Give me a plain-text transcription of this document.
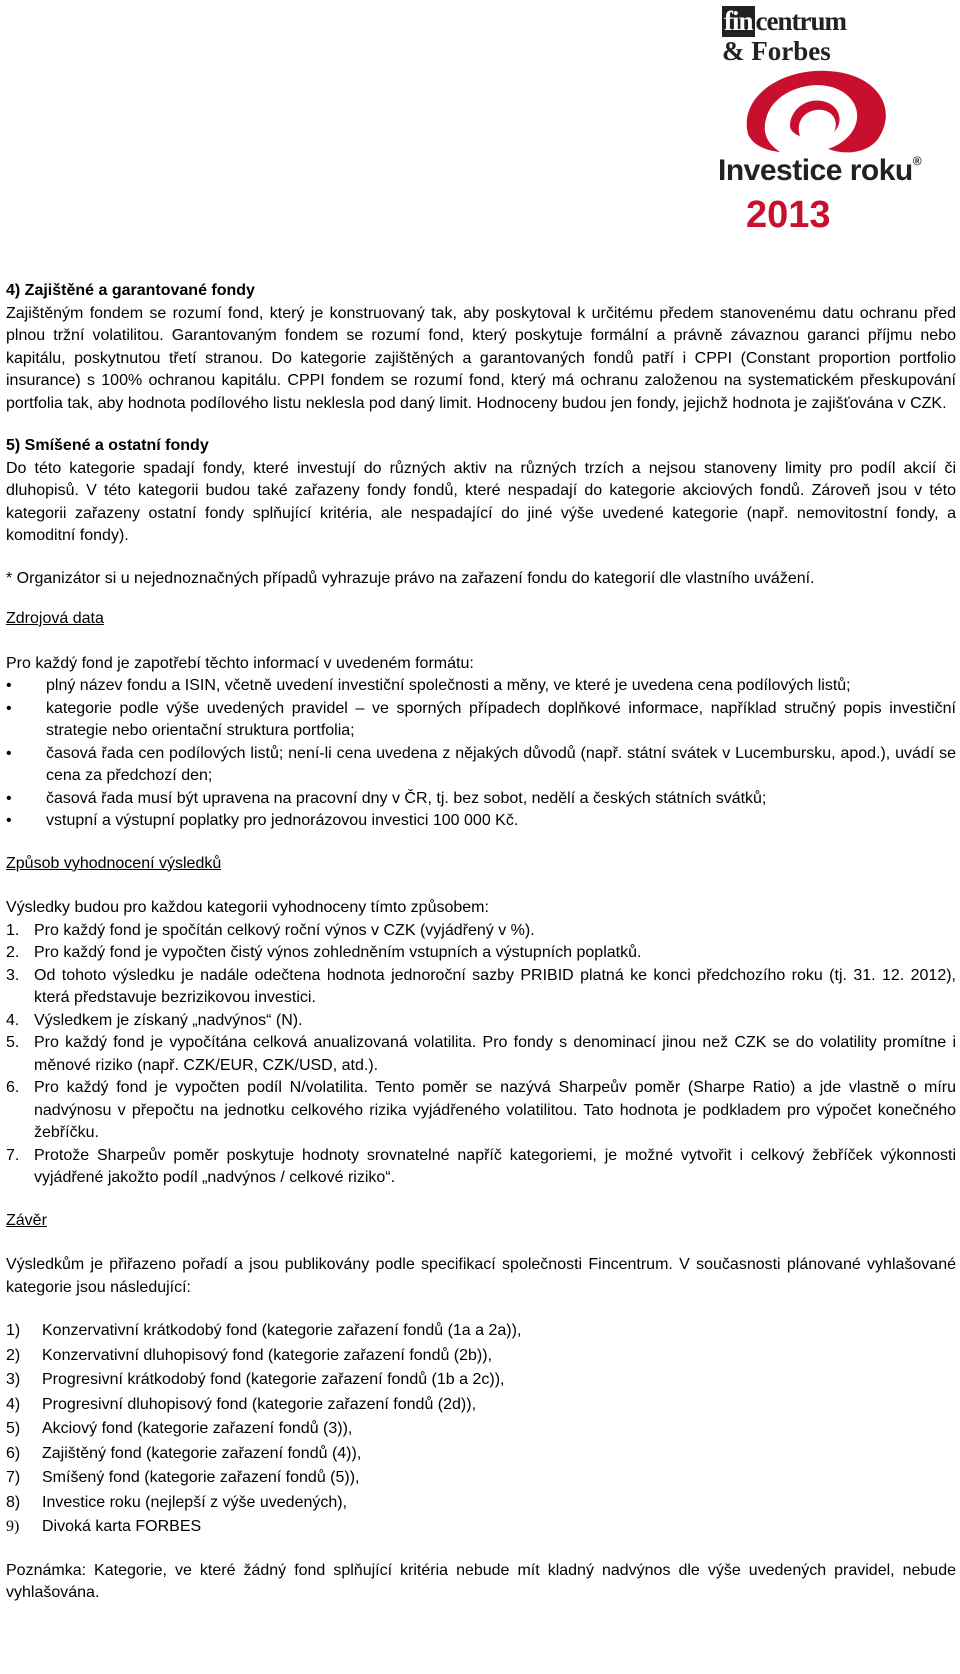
fin centrum
& Forbes
Investice roku®
2013

4) Zajištěné a garantované fondy

Zajištěným fondem se rozumí fond, který je konstruovaný tak, aby poskytoval k určitému předem stanovenému datu ochranu před plnou tržní volatilitou. Garantovaným fondem se rozumí fond, který poskytuje formální a právně závaznou garanci příjmu nebo kapitálu, poskytnutou třetí stranou. Do kategorie zajištěných a garantovaných fondů patří i CPPI (Constant proportion portfolio insurance) s 100% ochranou kapitálu. CPPI fondem se rozumí fond, který má ochranu založenou na systematickém přeskupování portfolia tak, aby hodnota podílového listu neklesla pod daný limit. Hodnoceny budou jen fondy, jejichž hodnota je zajišťována v CZK.

5) Smíšené a ostatní fondy

Do této kategorie spadají fondy, které investují do různých aktiv na různých trzích a nejsou stanoveny limity pro podíl akcií či dluhopisů. V této kategorii budou také zařazeny fondy fondů, které nespadají do kategorie akciových fondů. Zároveň jsou v této kategorii zařazeny ostatní fondy splňující kritéria, ale nespadající do jiné výše uvedené kategorie (např. nemovitostní fondy, a komoditní fondy).

* Organizátor si u nejednoznačných případů vyhrazuje právo na zařazení fondu do kategorií dle vlastního uvážení.

Zdrojová data

Pro každý fond je zapotřebí těchto informací v uvedeném formátu:

• plný název fondu a ISIN, včetně uvedení investiční společnosti a měny, ve které je uvedena cena podílových listů;
• kategorie podle výše uvedených pravidel – ve sporných případech doplňkové informace, například stručný popis investiční strategie nebo orientační struktura portfolia;
• časová řada cen podílových listů; není-li cena uvedena z nějakých důvodů (např. státní svátek v Lucembursku, apod.), uvádí se cena za předchozí den;
• časová řada musí být upravena na pracovní dny v ČR, tj. bez sobot, nedělí a českých státních svátků;
• vstupní a výstupní poplatky pro jednorázovou investici 100 000 Kč.

Způsob vyhodnocení výsledků

Výsledky budou pro každou kategorii vyhodnoceny tímto způsobem:

1. Pro každý fond je spočítán celkový roční výnos v CZK (vyjádřený v %).
2. Pro každý fond je vypočten čistý výnos zohledněním vstupních a výstupních poplatků.
3. Od tohoto výsledku je nadále odečtena hodnota jednoroční sazby PRIBID platná ke konci předchozího roku (tj. 31. 12. 2012), která představuje bezrizikovou investici.
4. Výsledkem je získaný „nadvýnos“ (N).
5. Pro každý fond je vypočítána celková anualizovaná volatilita. Pro fondy s denominací jinou než CZK se do volatility promítne i měnové riziko (např. CZK/EUR, CZK/USD, atd.).
6. Pro každý fond je vypočten podíl N/volatilita. Tento poměr se nazývá Sharpeův poměr (Sharpe Ratio) a jde vlastně o míru nadvýnosu v přepočtu na jednotku celkového rizika vyjádřeného volatilitou. Tato hodnota je podkladem pro výpočet konečného žebříčku.
7. Protože Sharpeův poměr poskytuje hodnoty srovnatelné napříč kategoriemi, je možné vytvořit i celkový žebříček výkonnosti vyjádřené jakožto podíl „nadvýnos / celkové riziko“.

Závěr

Výsledkům je přiřazeno pořadí a jsou publikovány podle specifikací společnosti Fincentrum. V současnosti plánované vyhlašované kategorie jsou následující:

1) Konzervativní krátkodobý fond (kategorie zařazení fondů (1a a 2a)),
2) Konzervativní dluhopisový fond (kategorie zařazení fondů (2b)),
3) Progresivní krátkodobý fond (kategorie zařazení fondů (1b a 2c)),
4) Progresivní dluhopisový fond (kategorie zařazení fondů (2d)),
5) Akciový fond (kategorie zařazení fondů (3)),
6) Zajištěný fond (kategorie zařazení fondů (4)),
7) Smíšený fond (kategorie zařazení fondů (5)),
8) Investice roku (nejlepší z výše uvedených),
9) Divoká karta FORBES

Poznámka: Kategorie, ve které žádný fond splňující kritéria nebude mít kladný nadvýnos dle výše uvedených pravidel, nebude vyhlašována.
